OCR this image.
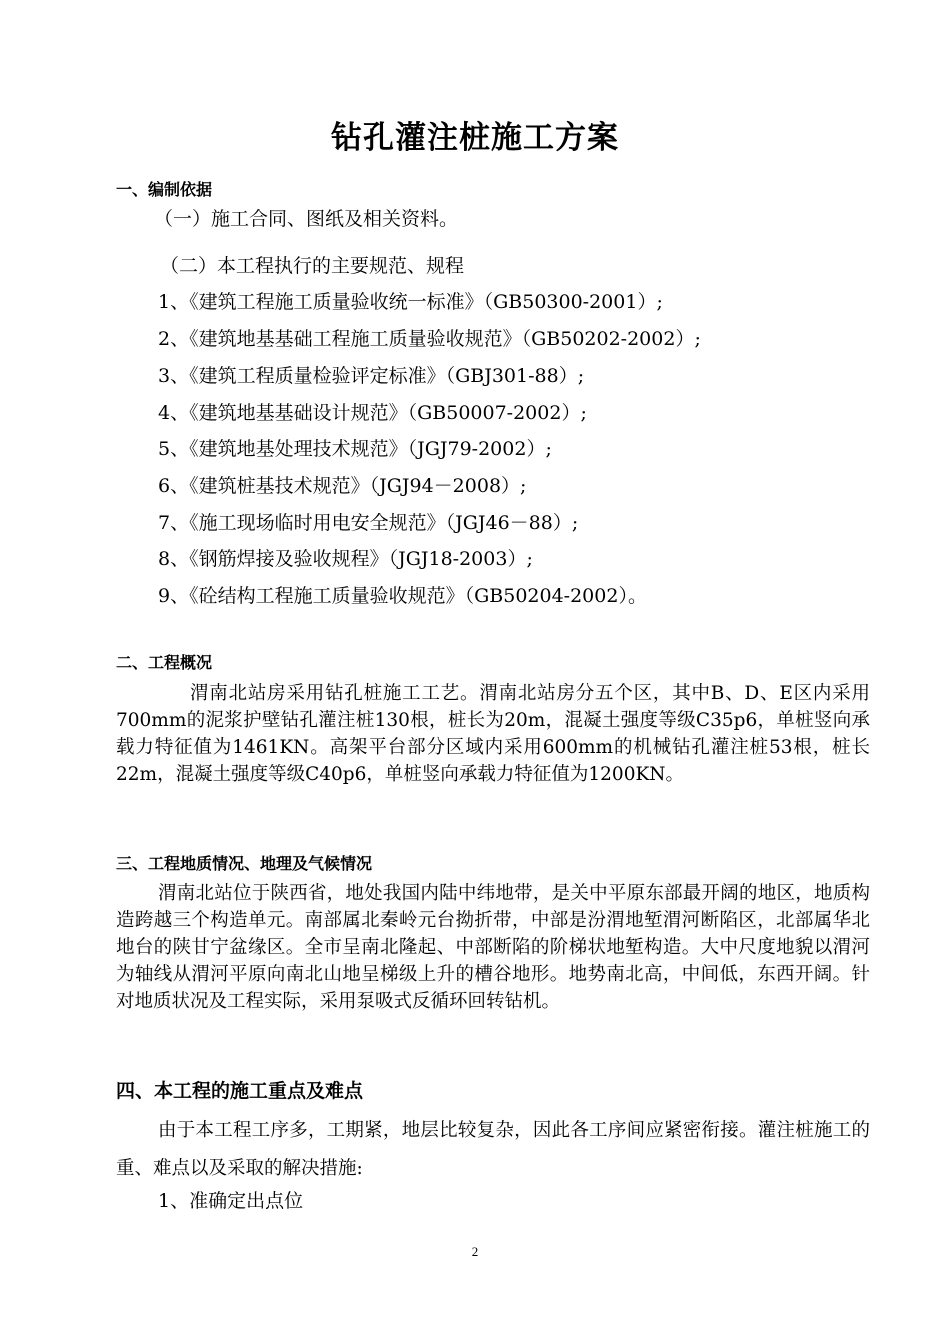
钻孔灌注桩施工方案
一、编制依据
（一）施工合同、图纸及相关资料。
（二）本工程执行的主要规范、规程
1、《建筑工程施工质量验收统一标准》（GB50300-2001）;
2、《建筑地基基础工程施工质量验收规范》（GB50202-2002）;
3、《建筑工程质量检验评定标准》（GBJ301-88）;
4、《建筑地基基础设计规范》（GB50007-2002）;
5、《建筑地基处理技术规范》（JGJ79-2002）;
6、《建筑桩基技术规范》（JGJ94－2008）;
7、《施工现场临时用电安全规范》（JGJ46－88）;
8、《钢筋焊接及验收规程》（JGJ18-2003）;
9、《砼结构工程施工质量验收规范》（GB50204-2002）。
二、工程概况

渭南北站房采用钻孔桩施工工艺。渭南北站房分五个区，其中B、D、E区内采用700mm的泥浆护壁钻孔灌注桩130根，桩长为20m，混凝土强度等级C35p6，单桩竖向承载力特征值为1461KN。高架平台部分区域内采用600mm的机械钻孔灌注桩53根，桩长22m，混凝土强度等级C40p6，单桩竖向承载力特征值为1200KN。

三、工程地质情况、地理及气候情况

渭南北站位于陕西省，地处我国内陆中纬地带，是关中平原东部最开阔的地区，地质构造跨越三个构造单元。南部属北秦岭元台拗折带，中部是汾渭地堑渭河断陷区，北部属华北地台的陕甘宁盆缘区。全市呈南北隆起、中部断陷的阶梯状地堑构造。大中尺度地貌以渭河为轴线从渭河平原向南北山地呈梯级上升的槽谷地形。地势南北高，中间低，东西开阔。针对地质状况及工程实际，采用泵吸式反循环回转钻机。

四、本工程的施工重点及难点

由于本工程工序多，工期紧，地层比较复杂，因此各工序间应紧密衔接。灌注桩施工的重、难点以及采取的解决措施:

1、准确定出点位
2
